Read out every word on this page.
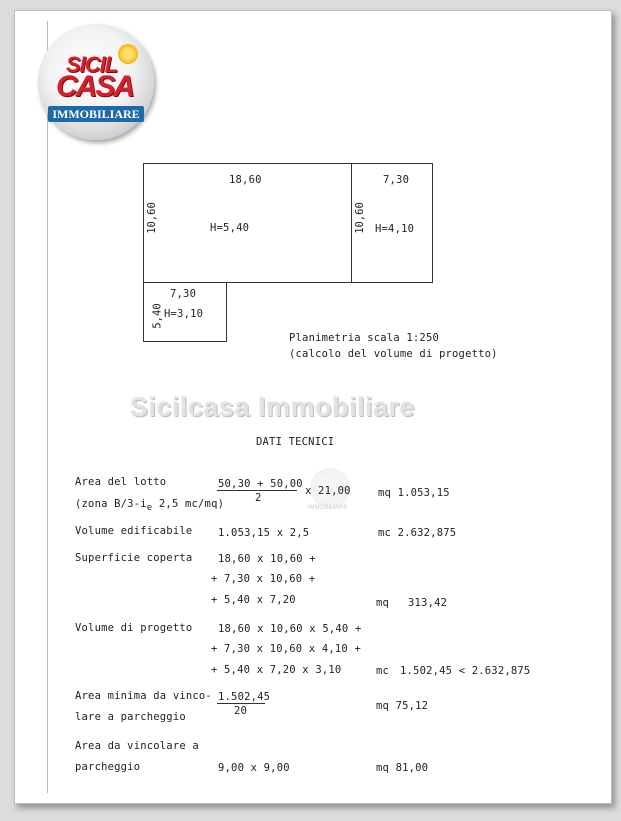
SICIL
CASA
IMMOBILIARE
18,60
10,60	H=5,40
7,30
10,60 H=4,10
7,30
5,40 H=3,10
Planimetria scala 1:250
(calcolo del volume di progetto)
Sicilcasa Immobiliare
DATI TECNICI
IMMOBILIARE
Area del lotto
(zona $B/3-i_e$ 2,5 mc/mq)
50,30 + 50,00
2
x 21,00	mq 1.053,15
Volume edificabile 1.053,15 x 2,5	mc 2.632,875
Superficie coperta 18,60 x 10,60 +
+ 7,30 x 10,60 +
+ 5,40 x 7,20	mq 313,42
Volume di progetto 18,60 x 10,60 x 5,40 +
+ 7,30 x 10,60 x 4,10 +
+ 5,40 x 7,20 x 3,10	mc 1.502,45 < 2.632,875
Area minima da vinco-
lare a parcheggio
1.502,45
20	mq 75,12
Area da vincolare a
parcheggio	9,00 x 9,00	mq 81,00
